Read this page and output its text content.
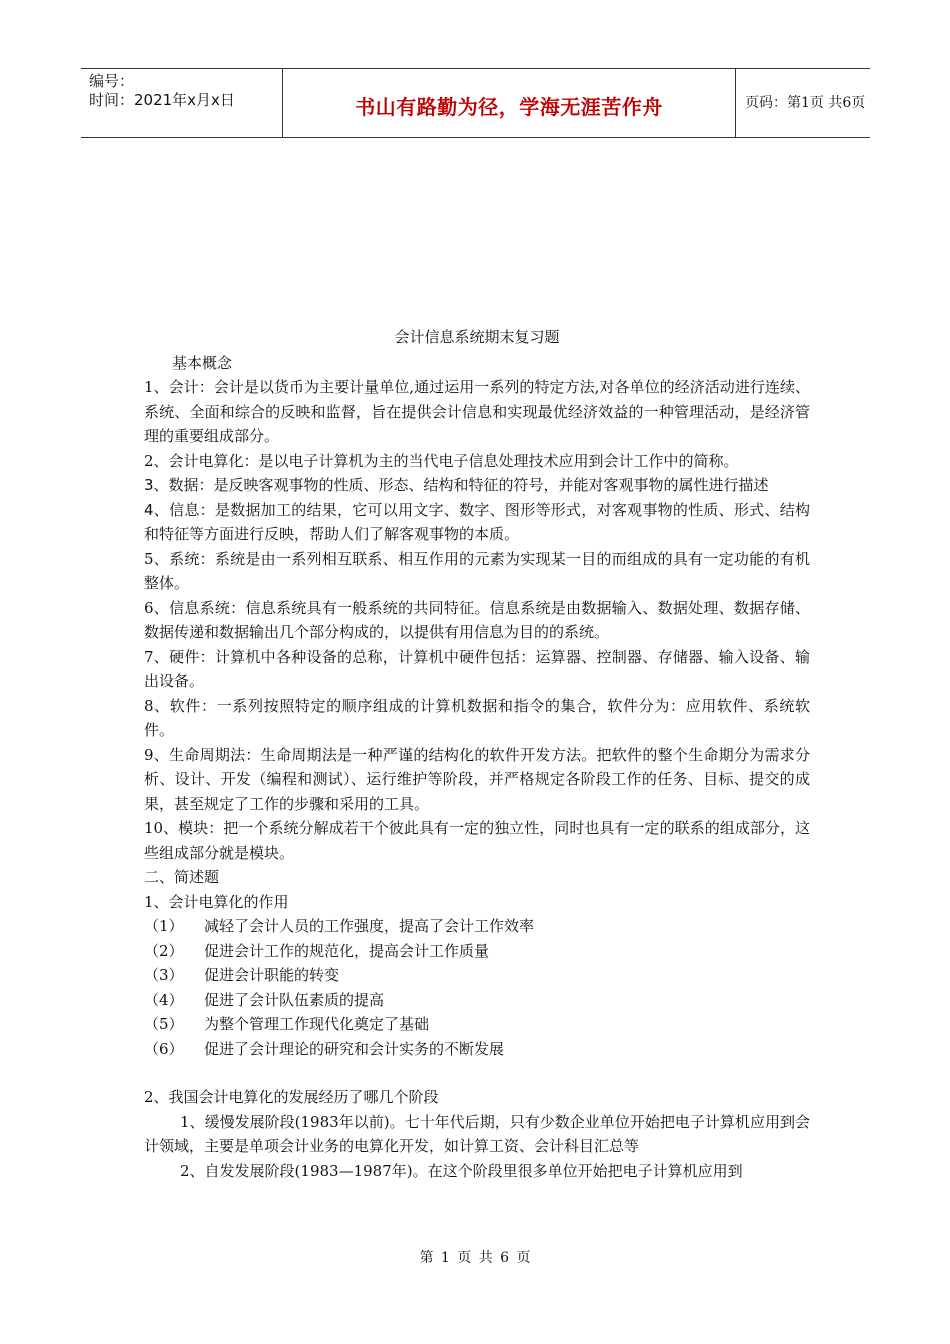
编号：
时间：2021年x月x日	书山有路勤为径，学海无涯苦作舟	页码：第1页 共6页
会计信息系统期末复习题

基本概念

1、会计：会计是以货币为主要计量单位,通过运用一系列的特定方法,对各单位的经济活动进行连续、系统、全面和综合的反映和监督，旨在提供会计信息和实现最优经济效益的一种管理活动，是经济管理的重要组成部分。

2、会计电算化：是以电子计算机为主的当代电子信息处理技术应用到会计工作中的简称。

3、数据：是反映客观事物的性质、形态、结构和特征的符号，并能对客观事物的属性进行描述

4、信息：是数据加工的结果，它可以用文字、数字、图形等形式，对客观事物的性质、形式、结构和特征等方面进行反映，帮助人们了解客观事物的本质。

5、系统：系统是由一系列相互联系、相互作用的元素为实现某一目的而组成的具有一定功能的有机整体。

6、信息系统：信息系统具有一般系统的共同特征。信息系统是由数据输入、数据处理、数据存储、数据传递和数据输出几个部分构成的，以提供有用信息为目的的系统。

7、硬件：计算机中各种设备的总称，计算机中硬件包括：运算器、控制器、存储器、输入设备、输出设备。

8、软件：一系列按照特定的顺序组成的计算机数据和指令的集合，软件分为：应用软件、系统软件。

9、生命周期法：生命周期法是一种严谨的结构化的软件开发方法。把软件的整个生命期分为需求分析、设计、开发（编程和测试）、运行维护等阶段，并严格规定各阶段工作的任务、目标、提交的成果，甚至规定了工作的步骤和采用的工具。

10、模块：把一个系统分解成若干个彼此具有一定的独立性，同时也具有一定的联系的组成部分，这些组成部分就是模块。

二、简述题

1、会计电算化的作用

（1） 减轻了会计人员的工作强度，提高了会计工作效率
（2） 促进会计工作的规范化，提高会计工作质量
（3） 促进会计职能的转变
（4） 促进了会计队伍素质的提高
（5） 为整个管理工作现代化奠定了基础
（6） 促进了会计理论的研究和会计实务的不断发展

2、我国会计电算化的发展经历了哪几个阶段

1、缓慢发展阶段(1983年以前)。七十年代后期，只有少数企业单位开始把电子计算机应用到会计领域，主要是单项会计业务的电算化开发，如计算工资、会计科目汇总等

2、自发发展阶段(1983—1987年)。在这个阶段里很多单位开始把电子计算机应用到

第 1 页 共 6 页
